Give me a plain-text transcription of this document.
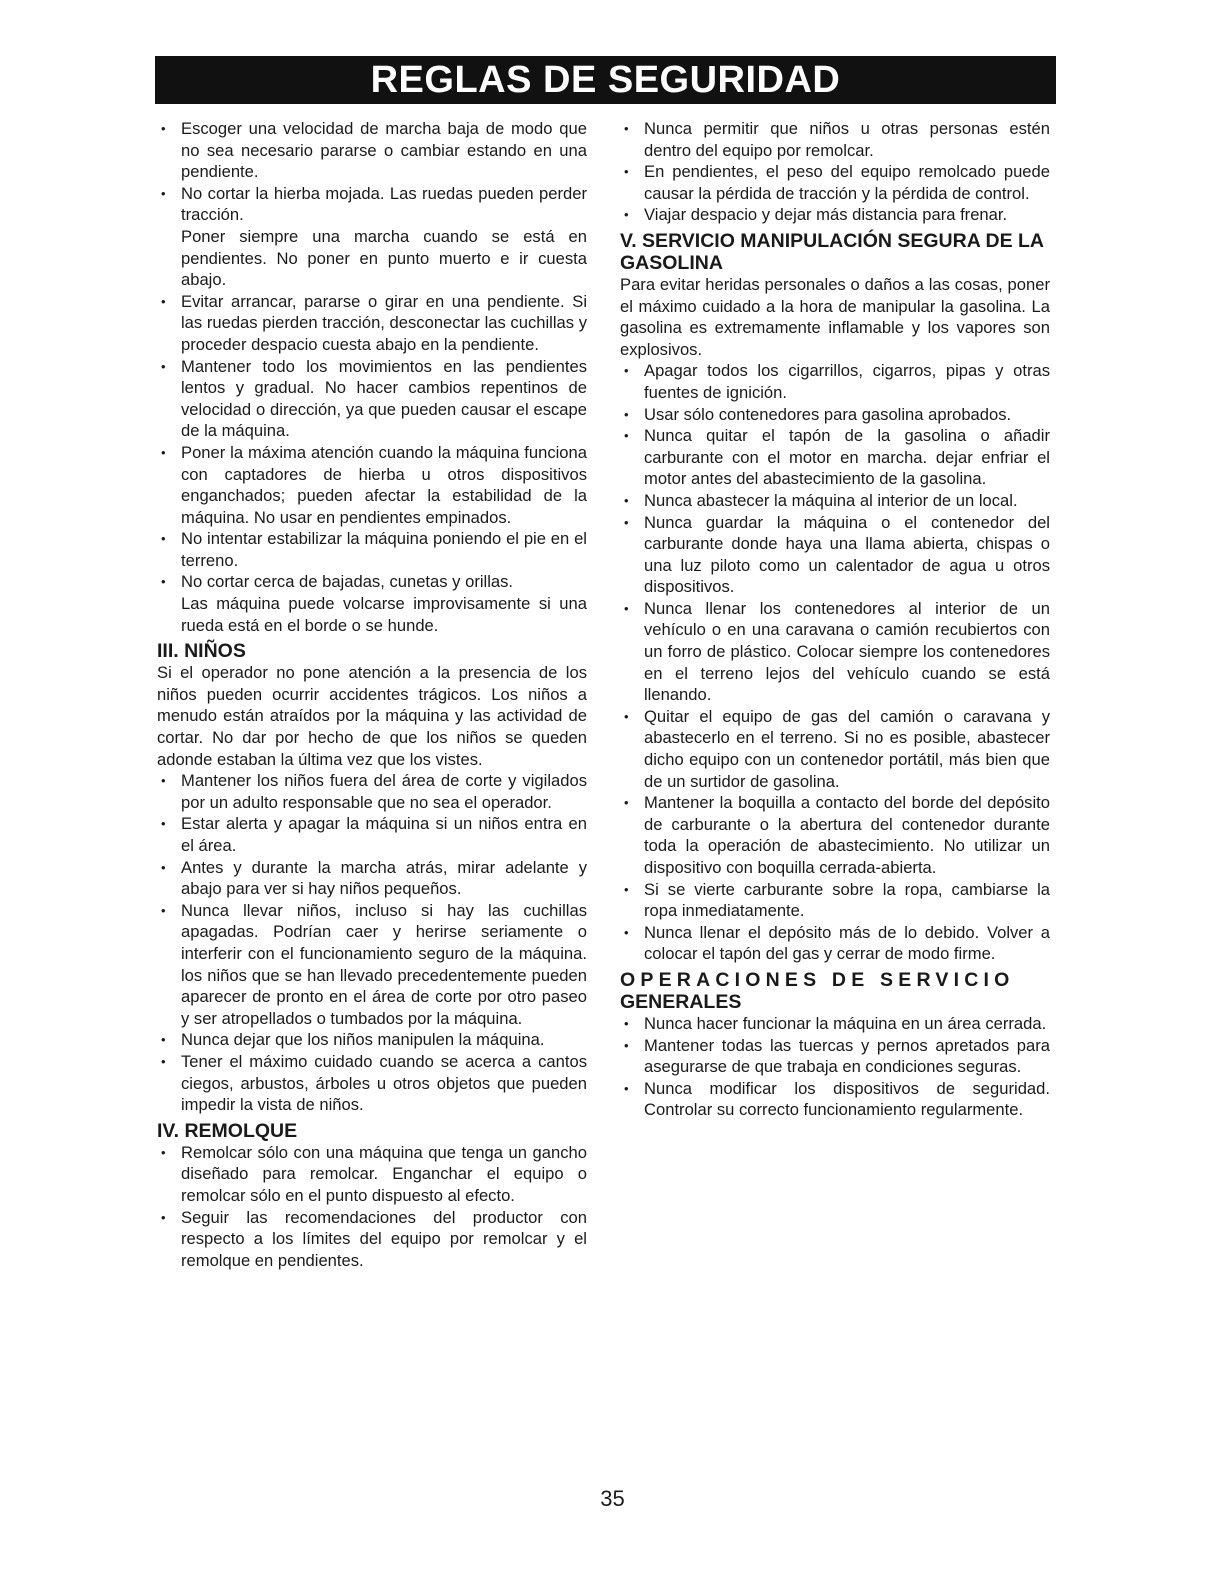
REGLAS DE SEGURIDAD
• Escoger una velocidad de marcha baja de modo que no sea necesario pararse o cambiar estando en una pendiente.
• No cortar la hierba mojada. Las ruedas pueden perder tracción.
Poner siempre una marcha cuando se está en pendientes. No poner en punto muerto e ir cuesta abajo.
• Evitar arrancar, pararse o girar en una pendiente. Si las ruedas pierden tracción, desconectar las cuchillas y proceder despacio cuesta abajo en la pendiente.
• Mantener todo los movimientos en las pendientes lentos y gradual. No hacer cambios repentinos de velocidad o dirección, ya que pueden causar el escape de la máquina.
• Poner la máxima atención cuando la máquina funciona con captadores de hierba u otros dispositivos enganchados; pueden afectar la estabilidad de la máquina. No usar en pendientes empinados.
• No intentar estabilizar la máquina poniendo el pie en el terreno.
• No cortar cerca de bajadas, cunetas y orillas.
Las máquina puede volcarse improvisamente si una rueda está en el borde o se hunde.
III. NIÑOS

Si el operador no pone atención a la presencia de los niños pueden ocurrir accidentes trágicos. Los niños a menudo están atraídos por la máquina y las actividad de cortar. No dar por hecho de que los niños se queden adonde estaban la última vez que los vistes.

• Mantener los niños fuera del área de corte y vigilados por un adulto responsable que no sea el operador.
• Estar alerta y apagar la máquina si un niños entra en el área.
• Antes y durante la marcha atrás, mirar adelante y abajo para ver si hay niños pequeños.
• Nunca llevar niños, incluso si hay las cuchillas apagadas. Podrían caer y herirse seriamente o interferir con el funcionamiento seguro de la máquina. los niños que se han llevado precedentemente pueden aparecer de pronto en el área de corte por otro paseo y ser atropellados o tumbados por la máquina.
• Nunca dejar que los niños manipulen la máquina.
• Tener el máximo cuidado cuando se acerca a cantos ciegos, arbustos, árboles u otros objetos que pueden impedir la vista de niños.
IV. REMOLQUE
• Remolcar sólo con una máquina que tenga un gancho diseñado para remolcar. Enganchar el equipo o remolcar sólo en el punto dispuesto al efecto.
• Seguir las recomendaciones del productor con respecto a los límites del equipo por remolcar y el remolque en pendientes.
• Nunca permitir que niños u otras personas estén dentro del equipo por remolcar.
• En pendientes, el peso del equipo remolcado puede causar la pérdida de tracción y la pérdida de control.
• Viajar despacio y dejar más distancia para frenar.
V. SERVICIO MANIPULACIÓN SEGURA DE LA GASOLINA

Para evitar heridas personales o daños a las cosas, poner el máximo cuidado a la hora de manipular la gasolina. La gasolina es extremamente inflamable y los vapores son explosivos.

• Apagar todos los cigarrillos, cigarros, pipas y otras fuentes de ignición.
• Usar sólo contenedores para gasolina aprobados.
• Nunca quitar el tapón de la gasolina o añadir carburante con el motor en marcha. dejar enfriar el motor antes del abastecimiento de la gasolina.
• Nunca abastecer la máquina al interior de un local.
• Nunca guardar la máquina o el contenedor del carburante donde haya una llama abierta, chispas o una luz piloto como un calentador de agua u otros dispositivos.
• Nunca llenar los contenedores al interior de un vehículo o en una caravana o camión recubiertos con un forro de plástico. Colocar siempre los contenedores en el terreno lejos del vehículo cuando se está llenando.
• Quitar el equipo de gas del camión o caravana y abastecerlo en el terreno. Si no es posible, abastecer dicho equipo con un contenedor portátil, más bien que de un surtidor de gasolina.
• Mantener la boquilla a contacto del borde del depósito de carburante o la abertura del contenedor durante toda la operación de abastecimiento. No utilizar un dispositivo con boquilla cerrada-abierta.
• Si se vierte carburante sobre la ropa, cambiarse la ropa inmediatamente.
• Nunca llenar el depósito más de lo debido. Volver a colocar el tapón del gas y cerrar de modo firme.
OPERACIONES DE SERVICIO
GENERALES
• Nunca hacer funcionar la máquina en un área cerrada.
• Mantener todas las tuercas y pernos apretados para asegurarse de que trabaja en condiciones seguras.
• Nunca modificar los dispositivos de seguridad. Controlar su correcto funcionamiento regularmente.
35
